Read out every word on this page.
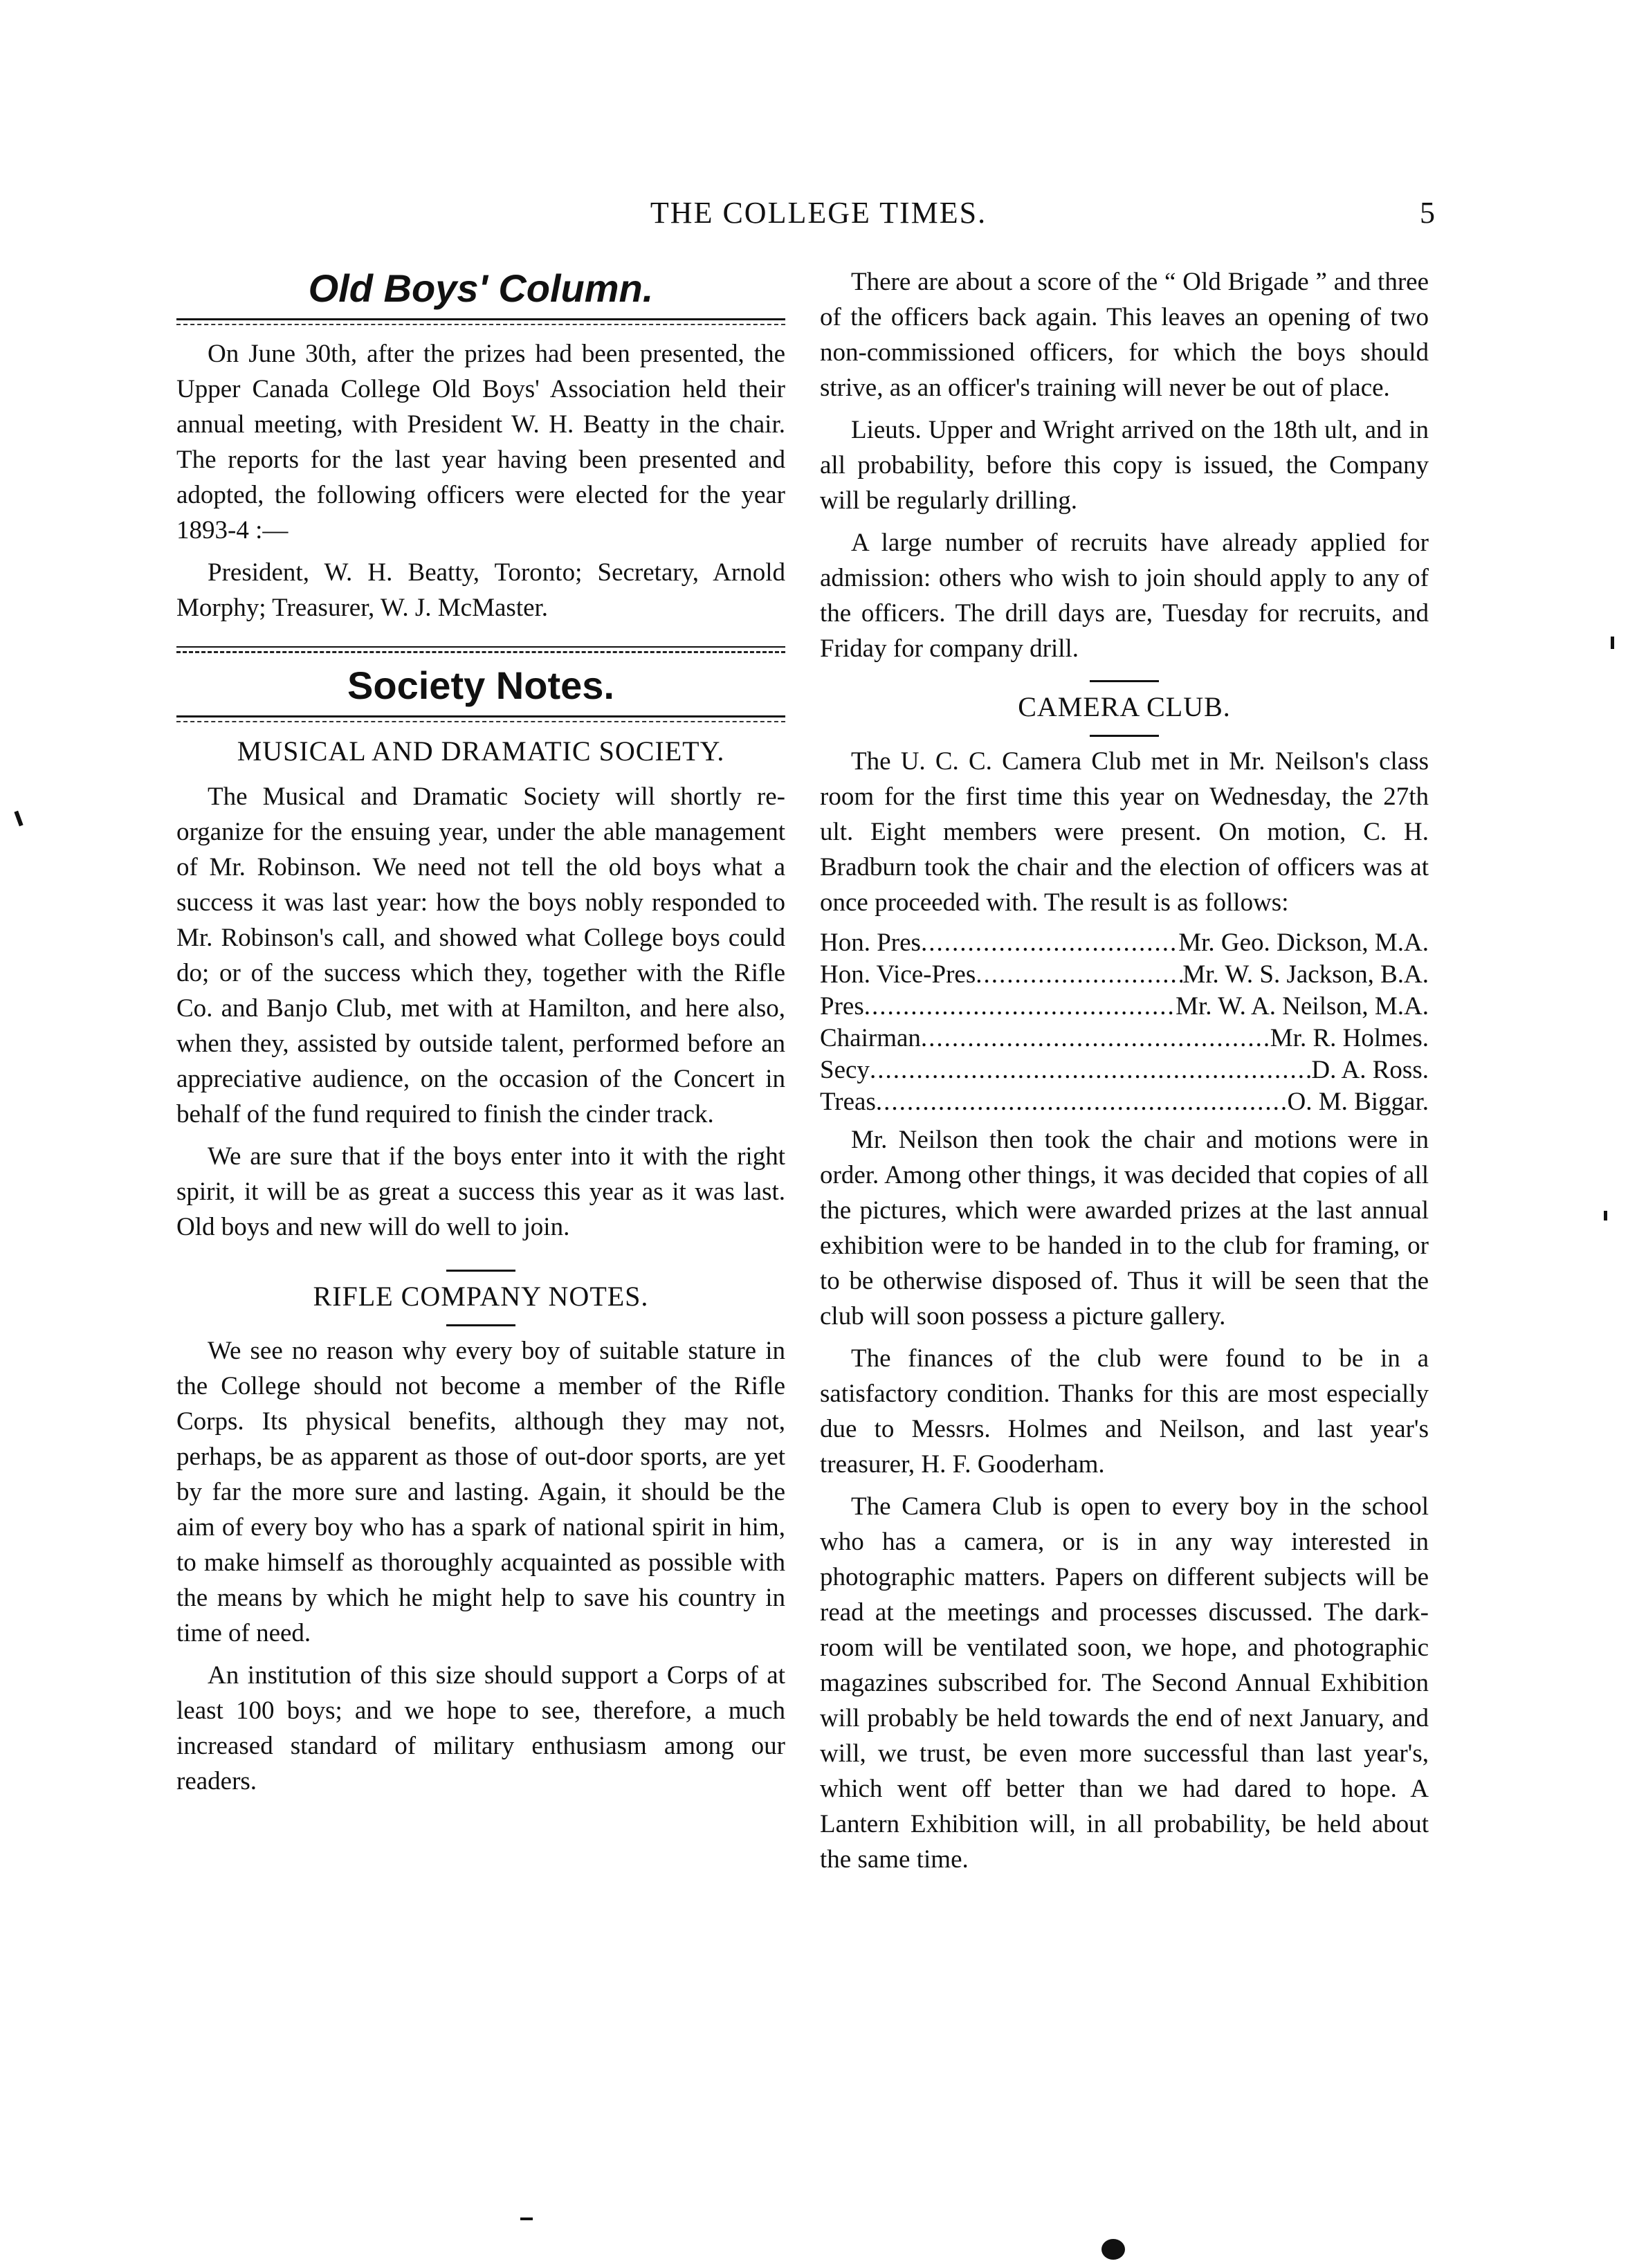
THE COLLEGE TIMES.	5
Old Boys' Column.

On June 30th, after the prizes had been presented, the Upper Canada College Old Boys' Association held their annual meeting, with President W. H. Beatty in the chair. The reports for the last year having been presented and adopted, the following officers were elected for the year 1893-4 :—

President, W. H. Beatty, Toronto; Secretary, Arnold Morphy; Treasurer, W. J. McMaster.

Society Notes.
MUSICAL AND DRAMATIC SOCIETY.

The Musical and Dramatic Society will shortly re-organize for the ensuing year, under the able management of Mr. Robinson. We need not tell the old boys what a success it was last year: how the boys nobly responded to Mr. Robinson's call, and showed what College boys could do; or of the success which they, together with the Rifle Co. and Banjo Club, met with at Hamilton, and here also, when they, assisted by outside talent, performed before an appreciative audience, on the occasion of the Concert in behalf of the fund required to finish the cinder track.

We are sure that if the boys enter into it with the right spirit, it will be as great a success this year as it was last. Old boys and new will do well to join.

RIFLE COMPANY NOTES.

We see no reason why every boy of suitable stature in the College should not become a member of the Rifle Corps. Its physical benefits, although they may not, perhaps, be as apparent as those of out-door sports, are yet by far the more sure and lasting. Again, it should be the aim of every boy who has a spark of national spirit in him, to make himself as thoroughly acquainted as possible with the means by which he might help to save his country in time of need.

An institution of this size should support a Corps of at least 100 boys; and we hope to see, therefore, a much increased standard of military enthusiasm among our readers.

There are about a score of the “ Old Brigade ” and three of the officers back again. This leaves an opening of two non-commissioned officers, for which the boys should strive, as an officer's training will never be out of place.

Lieuts. Upper and Wright arrived on the 18th ult, and in all probability, before this copy is issued, the Company will be regularly drilling.

A large number of recruits have already applied for admission: others who wish to join should apply to any of the officers. The drill days are, Tuesday for recruits, and Friday for company drill.

CAMERA CLUB.

The U. C. C. Camera Club met in Mr. Neilson's class room for the first time this year on Wednesday, the 27th ult. Eight members were present. On motion, C. H. Bradburn took the chair and the election of officers was at once proceeded with. The result is as follows:

Hon. Pres .....	Mr. Geo. Dickson, M.A.
Hon. Vice-Pres .....	Mr. W. S. Jackson, B.A.
Pres .....	Mr. W. A. Neilson, M.A.
Chairman .....	Mr. R. Holmes.
Secy .....	D. A. Ross.
Treas .....	O. M. Biggar.

Mr. Neilson then took the chair and motions were in order. Among other things, it was decided that copies of all the pictures, which were awarded prizes at the last annual exhibition were to be handed in to the club for framing, or to be otherwise disposed of. Thus it will be seen that the club will soon possess a picture gallery.

The finances of the club were found to be in a satisfactory condition. Thanks for this are most especially due to Messrs. Holmes and Neilson, and last year's treasurer, H. F. Gooderham.

The Camera Club is open to every boy in the school who has a camera, or is in any way interested in photographic matters. Papers on different subjects will be read at the meetings and processes discussed. The dark-room will be ventilated soon, we hope, and photographic magazines subscribed for. The Second Annual Exhibition will probably be held towards the end of next January, and will, we trust, be even more successful than last year's, which went off better than we had dared to hope. A Lantern Exhibition will, in all probability, be held about the same time.
